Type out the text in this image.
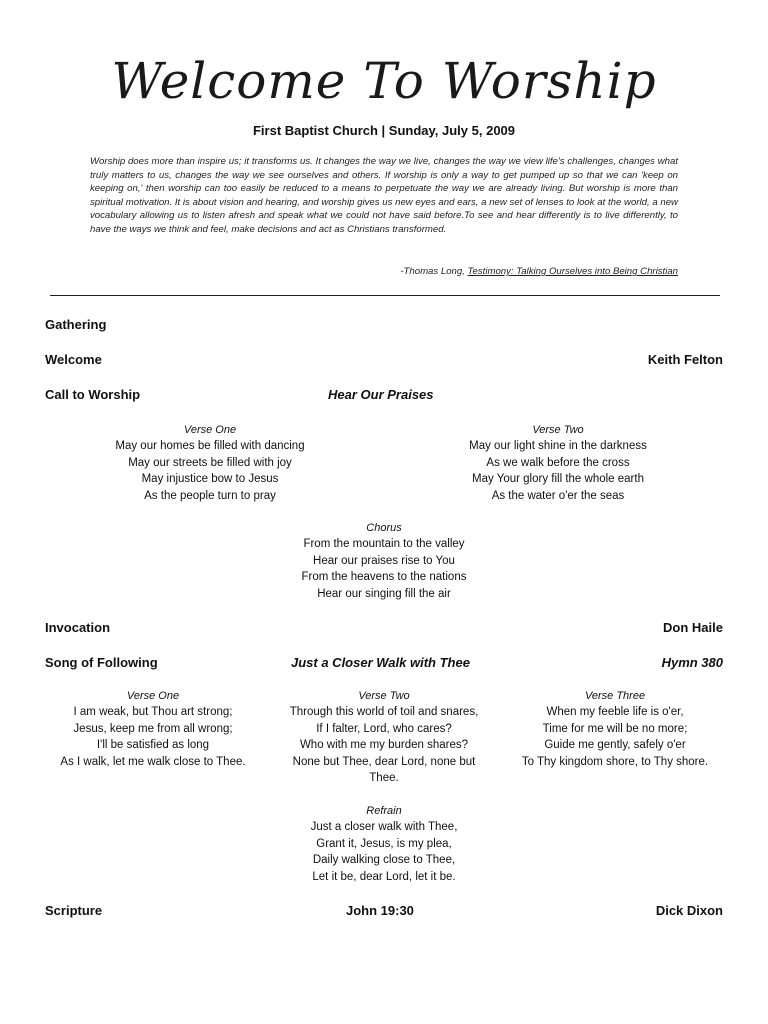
Welcome To Worship
First Baptist Church | Sunday, July 5, 2009
Worship does more than inspire us; it transforms us. It changes the way we live, changes the way we view life's challenges, changes what truly matters to us, changes the way we see ourselves and others. If worship is only a way to get pumped up so that we can 'keep on keeping on,' then worship can too easily be reduced to a means to perpetuate the way we are already living. But worship is more than spiritual motivation. It is about vision and hearing, and worship gives us new eyes and ears, a new set of lenses to look at the world, a new vocabulary allowing us to listen afresh and speak what we could not have said before.To see and hear differently is to live differently, to have the ways we think and feel, make decisions and act as Christians transformed.
-Thomas Long, Testimony: Talking Ourselves into Being Christian
Gathering
Welcome	Keith Felton
Call to Worship	Hear Our Praises
Verse One
May our homes be filled with dancing
May our streets be filled with joy
May injustice bow to Jesus
As the people turn to pray
Verse Two
May our light shine in the darkness
As we walk before the cross
May Your glory fill the whole earth
As the water o'er the seas
Chorus
From the mountain to the valley
Hear our praises rise to You
From the heavens to the nations
Hear our singing fill the air
Invocation	Don Haile
Song of Following	Just a Closer Walk with Thee	Hymn 380
Verse One
I am weak, but Thou art strong;
Jesus, keep me from all wrong;
I'll be satisfied as long
As I walk, let me walk close to Thee.
Verse Two
Through this world of toil and snares,
If I falter, Lord, who cares?
Who with me my burden shares?
None but Thee, dear Lord, none but
Thee.
Verse Three
When my feeble life is o'er,
Time for me will be no more;
Guide me gently, safely o'er
To Thy kingdom shore, to Thy shore.
Refrain
Just a closer walk with Thee,
Grant it, Jesus, is my plea,
Daily walking close to Thee,
Let it be, dear Lord, let it be.
Scripture	John 19:30	Dick Dixon
